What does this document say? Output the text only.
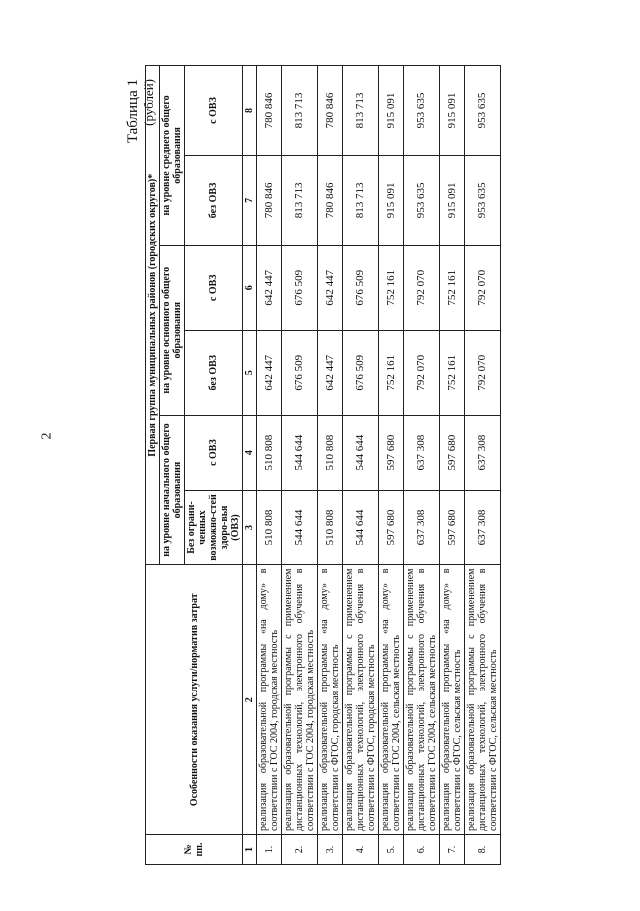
2
Таблица 1 (рублей)
№ пп.	Особенности оказания услуги/норматив затрат	Первая группа муниципальных районов (городских округов)*					
		на уровне начального общего образования		на уровне основного общего образования		на уровне среднего общего образования	
		Без ограни-ченных возможно-стей здоро-вья (ОВЗ)	с ОВЗ	без ОВЗ	с ОВЗ	без ОВЗ	с ОВЗ
1	2	3	4	5	6	7	8
1.	реализация образовательной программы «на дому» в соответствии с ГОС 2004, городская местность	510 808	510 808	642 447	642 447	780 846	780 846
2.	реализация образовательной программы с применением дистанционных технологий, электронного обучения в соответствии с ГОС 2004, городская местность	544 644	544 644	676 509	676 509	813 713	813 713
3.	реализация образовательной программы «на дому» в соответствии с ФГОС, городская местность	510 808	510 808	642 447	642 447	780 846	780 846
4.	реализация образовательной программы с применением дистанционных технологий, электронного обучения в соответствии с ФГОС, городская местность	544 644	544 644	676 509	676 509	813 713	813 713
5.	реализация образовательной программы «на дому» в соответствии с ГОС 2004, сельская местность	597 680	597 680	752 161	752 161	915 091	915 091
6.	реализация образовательной программы с применением дистанционных технологий, электронного обучения в соответствии с ГОС 2004, сельская местность	637 308	637 308	792 070	792 070	953 635	953 635
7.	реализация образовательной программы «на дому» в соответствии с ФГОС, сельская местность	597 680	597 680	752 161	752 161	915 091	915 091
8.	реализация образовательной программы с применением дистанционных технологий, электронного обучения в соответствии с ФГОС, сельская местность	637 308	637 308	792 070	792 070	953 635	953 635
